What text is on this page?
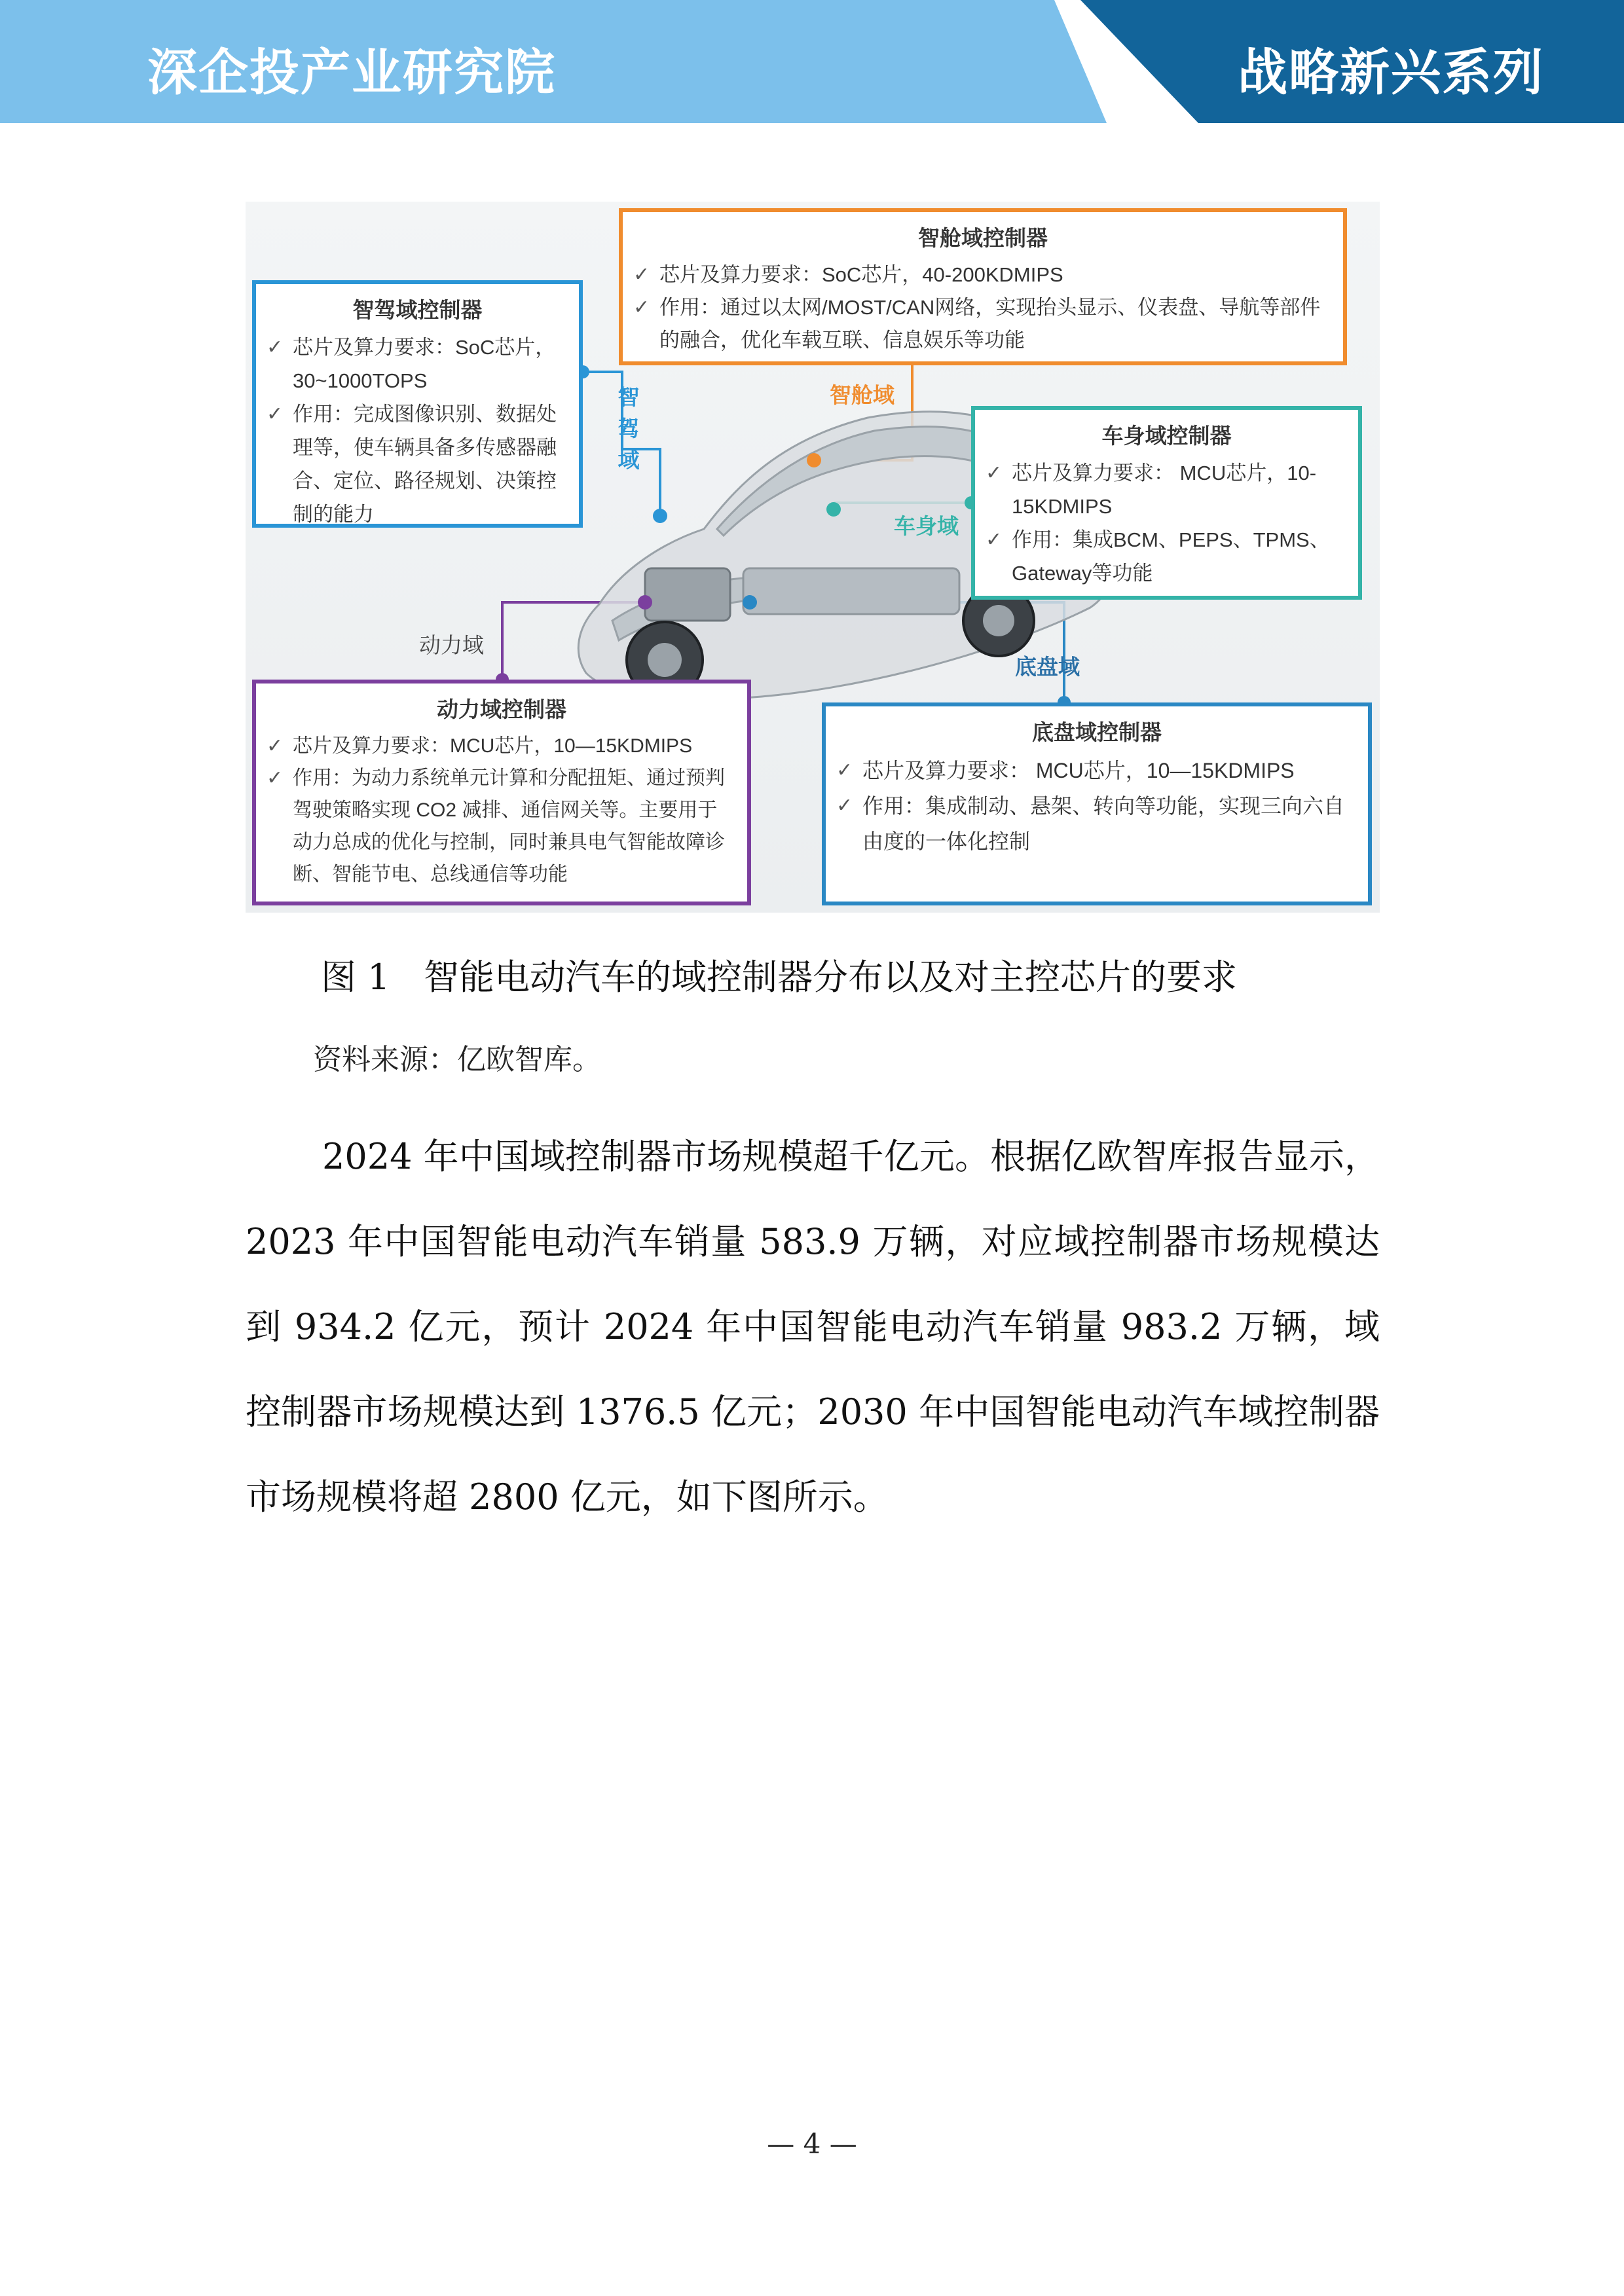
深企投产业研究院	战略新兴系列
智舱域
智驾域
车身域
动力域
底盘域
智舱域控制器
✓ 芯片及算力要求：SoC芯片，40-200KDMIPS
✓ 作用：通过以太网/MOST/CAN网络，实现抬头显示、仪表盘、导航等部件的融合，优化车载互联、信息娱乐等功能
智驾域控制器
✓ 芯片及算力要求：SoC芯片，30~1000TOPS
✓ 作用：完成图像识别、数据处理等，使车辆具备多传感器融合、定位、路径规划、决策控制的能力
车身域控制器
✓ 芯片及算力要求： MCU芯片，10-15KDMIPS
✓ 作用：集成BCM、PEPS、TPMS、Gateway等功能
动力域控制器
✓ 芯片及算力要求：MCU芯片，10—15KDMIPS
✓ 作用：为动力系统单元计算和分配扭矩、通过预判驾驶策略实现 CO2 减排、通信网关等。主要用于动力总成的优化与控制，同时兼具电气智能故障诊断、智能节电、总线通信等功能
底盘域控制器
✓ 芯片及算力要求： MCU芯片，10—15KDMIPS
✓ 作用：集成制动、悬架、转向等功能，实现三向六自由度的一体化控制
图 1   智能电动汽车的域控制器分布以及对主控芯片的要求
资料来源：亿欧智库。

2024 年中国域控制器市场规模超千亿元。根据亿欧智库报告显示，2023 年中国智能电动汽车销量 583.9 万辆，对应域控制器市场规模达到 934.2 亿元，预计 2024 年中国智能电动汽车销量 983.2 万辆，域控制器市场规模达到 1376.5 亿元；2030 年中国智能电动汽车域控制器市场规模将超 2800 亿元，如下图所示。

— 4 —
